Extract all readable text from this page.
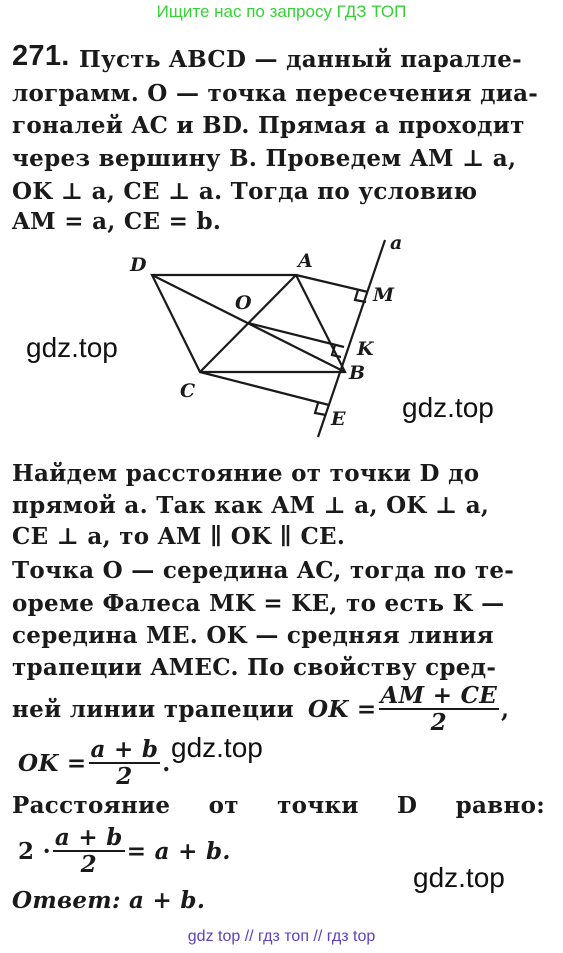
Ищите нас по запросу ГДЗ ТОП
271. Пусть ABCD — данный паралле-
лограмм. O — точка пересечения диа-
гоналей AC и BD. Прямая a проходит
через вершину B. Проведем AM ⊥ a,
OK ⊥ a, CE ⊥ a. Тогда по условию
AM = a, CE = b.
D	A
O
C
B
M
K
E
a
gdz.top
gdz.top
gdz.top
gdz.top
Найдем расстояние от точки D до
прямой a. Так как AM ⊥ a, OK ⊥ a,
CE ⊥ a, то AM ∥ OK ∥ CE.
Точка O — середина AC, тогда по те-
ореме Фалеса MK = KE, то есть K —
середина ME. OK — средняя линия
трапеции AMEC. По свойству сред-
ней линии трапеции OK = $\frac{AM + CE}{2}$ ,
OK = $\frac{a + b}{2}$ .
Расстояние от точки D равно:
$2 \cdot \frac{a + b}{2} = a + b$.
Ответ: a + b.
gdz top // гдз топ // гдз top
